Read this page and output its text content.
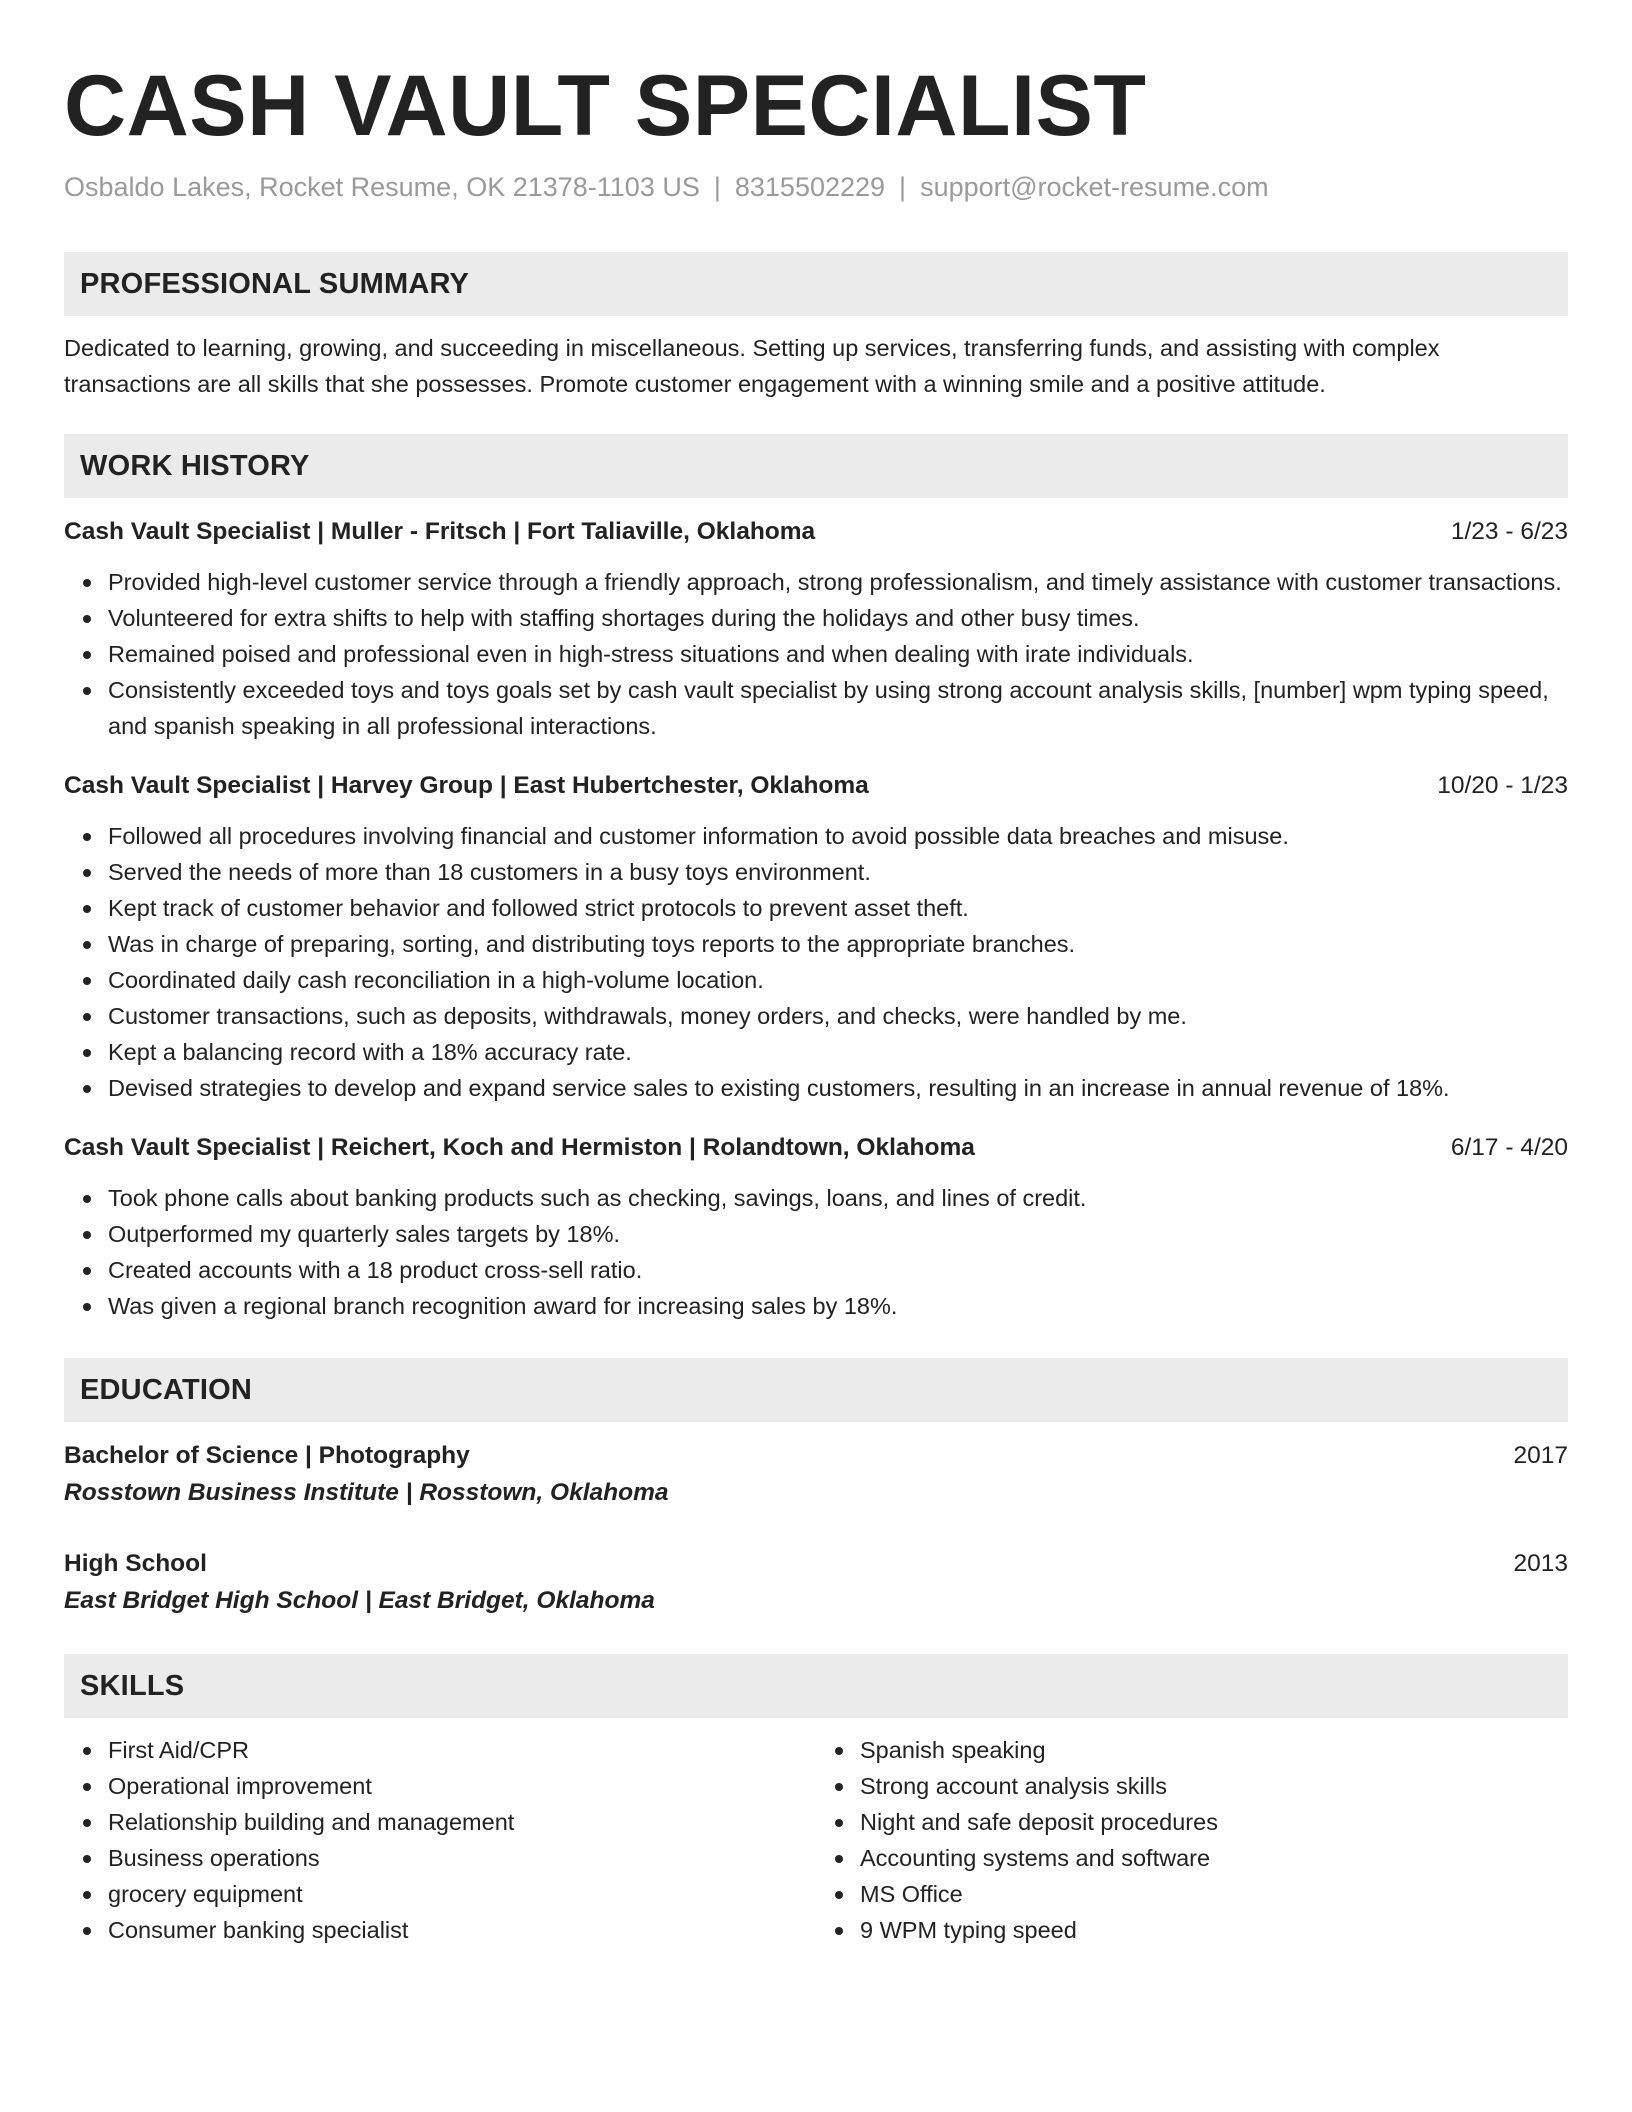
CASH VAULT SPECIALIST
Osbaldo Lakes, Rocket Resume, OK 21378-1103 US | 8315502229 | support@rocket-resume.com
PROFESSIONAL SUMMARY

Dedicated to learning, growing, and succeeding in miscellaneous. Setting up services, transferring funds, and assisting with complex transactions are all skills that she possesses. Promote customer engagement with a winning smile and a positive attitude.

WORK HISTORY
Cash Vault Specialist | Muller - Fritsch | Fort Taliaville, Oklahoma	1/23 - 6/23
Provided high-level customer service through a friendly approach, strong professionalism, and timely assistance with customer transactions.
Volunteered for extra shifts to help with staffing shortages during the holidays and other busy times.
Remained poised and professional even in high-stress situations and when dealing with irate individuals.
Consistently exceeded toys and toys goals set by cash vault specialist by using strong account analysis skills, [number] wpm typing speed, and spanish speaking in all professional interactions.
Cash Vault Specialist | Harvey Group | East Hubertchester, Oklahoma	10/20 - 1/23
Followed all procedures involving financial and customer information to avoid possible data breaches and misuse.
Served the needs of more than 18 customers in a busy toys environment.
Kept track of customer behavior and followed strict protocols to prevent asset theft.
Was in charge of preparing, sorting, and distributing toys reports to the appropriate branches.
Coordinated daily cash reconciliation in a high-volume location.
Customer transactions, such as deposits, withdrawals, money orders, and checks, were handled by me.
Kept a balancing record with a 18% accuracy rate.
Devised strategies to develop and expand service sales to existing customers, resulting in an increase in annual revenue of 18%.
Cash Vault Specialist | Reichert, Koch and Hermiston | Rolandtown, Oklahoma	6/17 - 4/20
Took phone calls about banking products such as checking, savings, loans, and lines of credit.
Outperformed my quarterly sales targets by 18%.
Created accounts with a 18 product cross-sell ratio.
Was given a regional branch recognition award for increasing sales by 18%.
EDUCATION
Bachelor of Science | Photography	2017
Rosstown Business Institute | Rosstown, Oklahoma
High School	2013
East Bridget High School | East Bridget, Oklahoma
SKILLS
First Aid/CPR
Operational improvement
Relationship building and management
Business operations
grocery equipment
Consumer banking specialist
Spanish speaking
Strong account analysis skills
Night and safe deposit procedures
Accounting systems and software
MS Office
9 WPM typing speed
